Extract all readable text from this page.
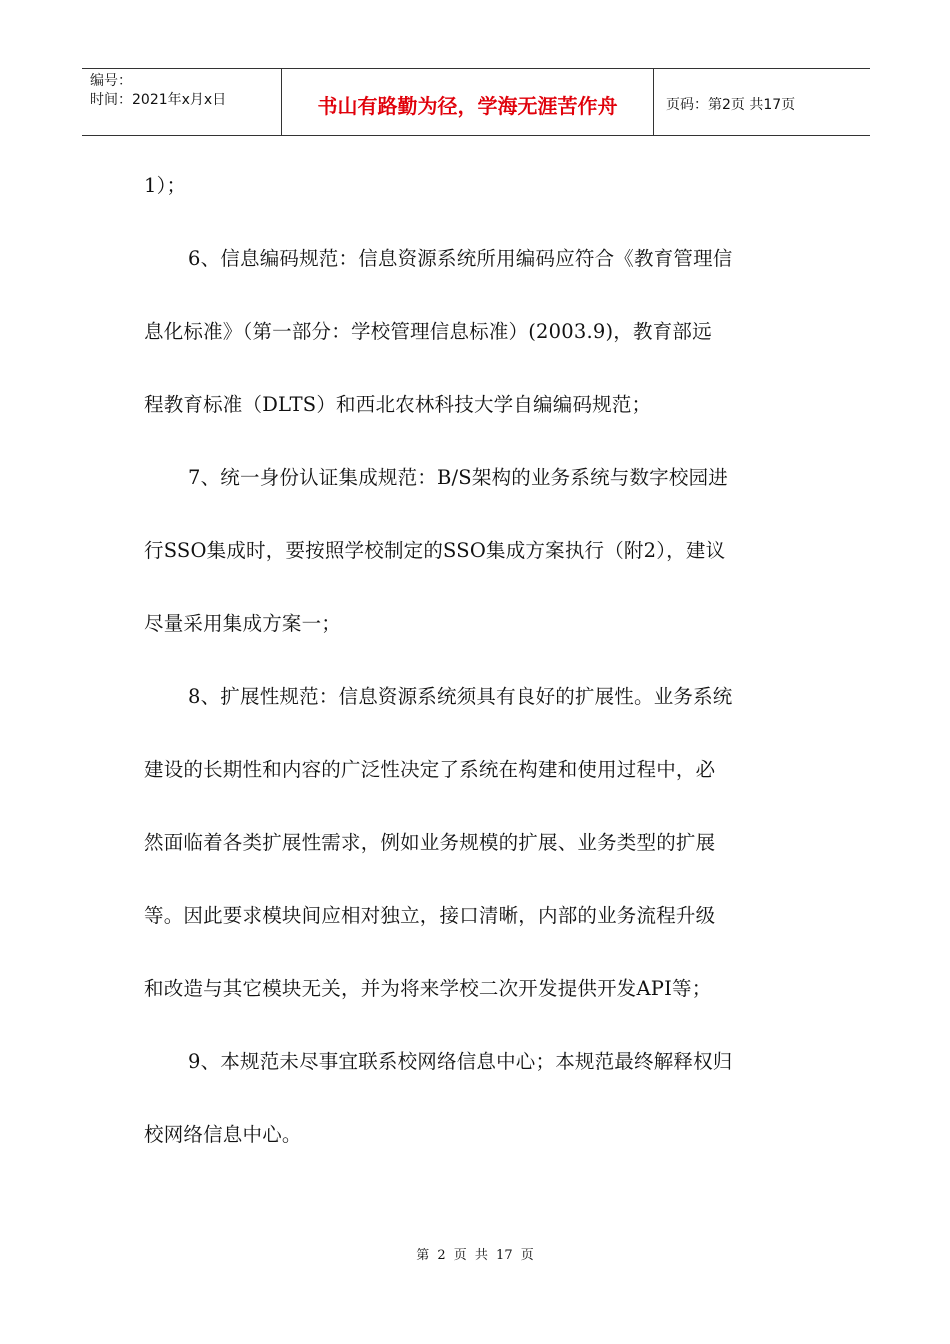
编号：
时间：2021年x月x日	书山有路勤为径，学海无涯苦作舟	页码：第2页 共17页
1）；
6、信息编码规范：信息资源系统所用编码应符合《教育管理信
息化标准》（第一部分：学校管理信息标准）(2003.9)，教育部远
程教育标准（DLTS）和西北农林科技大学自编编码规范；
7、统一身份认证集成规范：B/S架构的业务系统与数字校园进
行SSO集成时，要按照学校制定的SSO集成方案执行（附2），建议
尽量采用集成方案一；
8、扩展性规范：信息资源系统须具有良好的扩展性。业务系统
建设的长期性和内容的广泛性决定了系统在构建和使用过程中，必
然面临着各类扩展性需求，例如业务规模的扩展、业务类型的扩展
等。因此要求模块间应相对独立，接口清晰，内部的业务流程升级
和改造与其它模块无关，并为将来学校二次开发提供开发API等；
9、本规范未尽事宜联系校网络信息中心；本规范最终解释权归
校网络信息中心。
第 2 页 共 17 页
